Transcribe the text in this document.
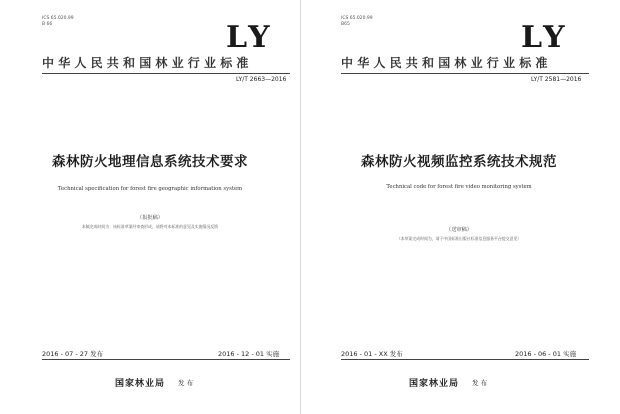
ICS 65.020.99
B 66	LY
中华人民共和国林业行业标准
LY/T 2663—2016
森林防火地理信息系统技术要求
Technical specification for forest fire geographic information system
（报批稿）
本稿完成时间为：该标准草案经审查形成，请将对本标准的意见及实施情况反馈
2016 - 07 - 27 发布	2016 - 12 - 01 实施
国家林业局 发 布
ICS 65.020.99
B65	LY
中华人民共和国林业行业标准
LY/T 2581—2016
森林防火视频监控系统技术规范
Technical code for forest fire video monitoring system
（送审稿）
（本草案完成时间为，请于中国标准出版社标准信息服务平台提交意见）
2016 - 01 - XX 发布	2016 - 06 - 01 实施
国家林业局 发 布
